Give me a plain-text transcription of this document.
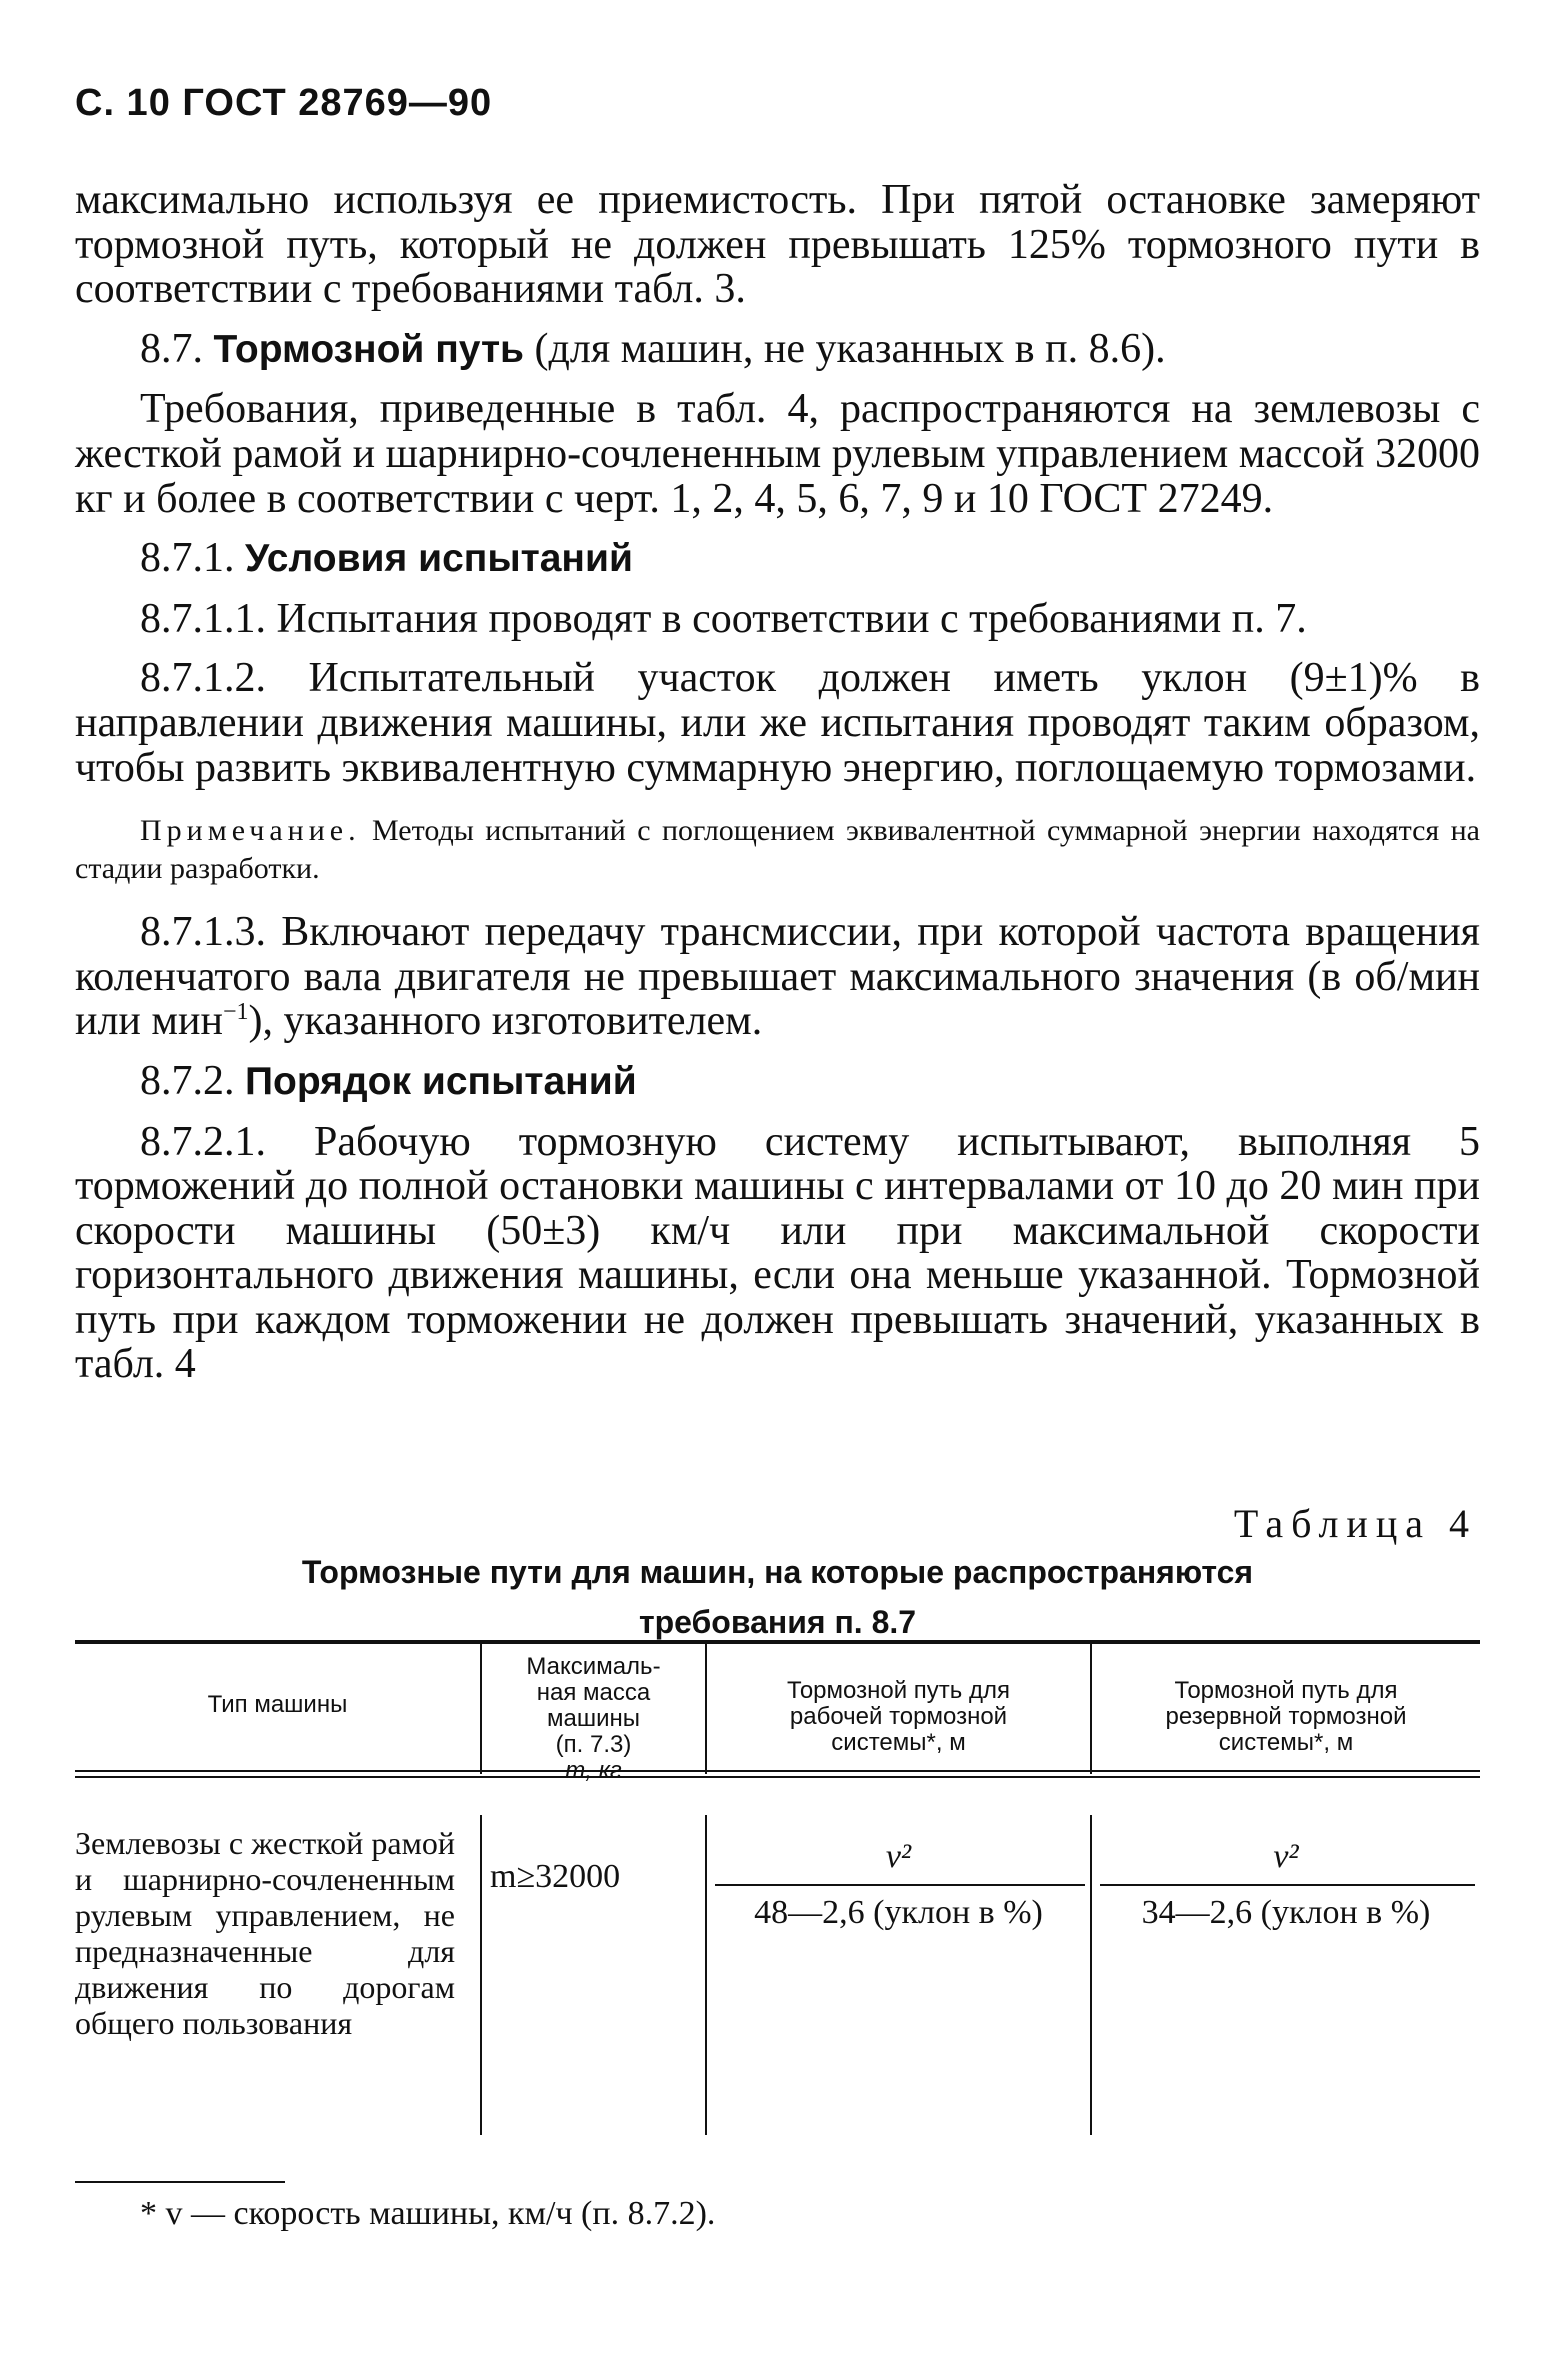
С. 10 ГОСТ 28769—90

максимально используя ее приемистость. При пятой остановке замеряют тормозной путь, который не должен превышать 125% тормозного пути в соответствии с требованиями табл. 3.

8.7. Тормозной путь (для машин, не указанных в п. 8.6).

Требования, приведенные в табл. 4, распространяются на землевозы с жесткой рамой и шарнирно-сочлененным рулевым управлением массой 32000 кг и более в соответствии с черт. 1, 2, 4, 5, 6, 7, 9 и 10 ГОСТ 27249.

8.7.1. Условия испытаний

8.7.1.1. Испытания проводят в соответствии с требованиями п. 7.

8.7.1.2. Испытательный участок должен иметь уклон (9±1)% в направлении движения машины, или же испытания проводят таким образом, чтобы развить эквивалентную суммарную энергию, поглощаемую тормозами.

Примечание. Методы испытаний с поглощением эквивалентной суммарной энергии находятся на стадии разработки.

8.7.1.3. Включают передачу трансмиссии, при которой частота вращения коленчатого вала двигателя не превышает максимального значения (в об/мин или мин$^{-1}$), указанного изготовителем.

8.7.2. Порядок испытаний

8.7.2.1. Рабочую тормозную систему испытывают, выполняя 5 торможений до полной остановки машины с интервалами от 10 до 20 мин при скорости машины (50±3) км/ч или при максимальной скорости горизонтального движения машины, если она меньше указанной. Тормозной путь при каждом торможении не должен превышать значений, указанных в табл. 4

Таблица 4
Тормозные пути для машин, на которые распространяются
требования п. 8.7
Тип машины
Максималь-
ная масса
машины
(п. 7.3)
m, кг
Тормозной путь для
рабочей тормозной
системы*, м
Тормозной путь для
резервной тормозной
системы*, м
Землевозы с жесткой рамой и шарнирно-сочлененным рулевым управлением, не предназначенные для движения по дорогам общего пользования
m≥32000
v²
48—2,6 (уклон в %)
v²
34—2,6 (уклон в %)
* v — скорость машины, км/ч (п. 8.7.2).
